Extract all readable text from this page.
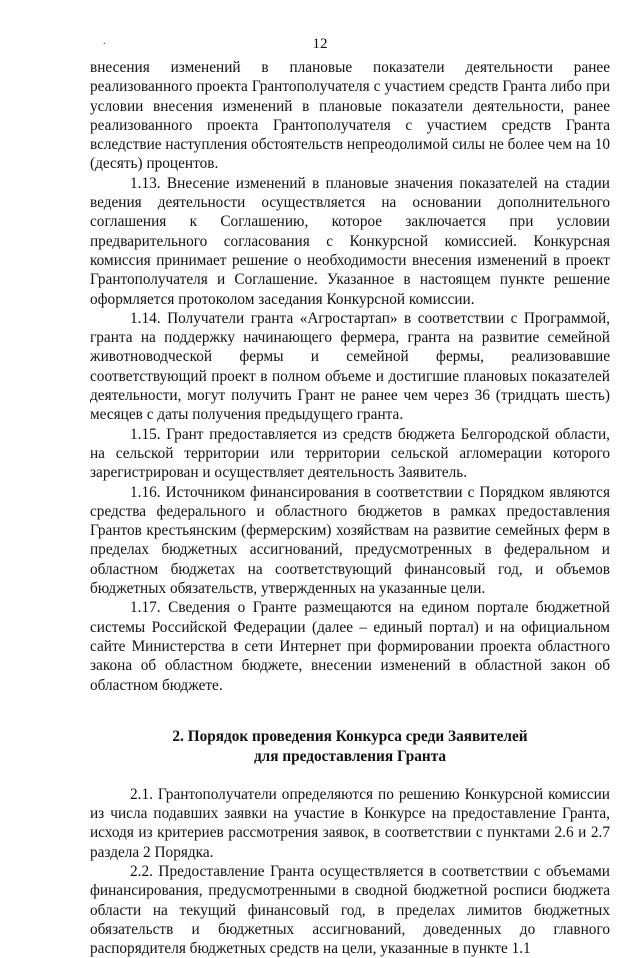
.	12

внесения изменений в плановые показатели деятельности ранее реализованного проекта Грантополучателя с участием средств Гранта либо при условии внесения изменений в плановые показатели деятельности, ранее реализованного проекта Грантополучателя с участием средств Гранта вследствие наступления обстоятельств непреодолимой силы не более чем на 10 (десять) процентов.

1.13. Внесение изменений в плановые значения показателей на стадии ведения деятельности осуществляется на основании дополнительного соглашения к Соглашению, которое заключается при условии предварительного согласования с Конкурсной комиссией. Конкурсная комиссия принимает решение о необходимости внесения изменений в проект Грантополучателя и Соглашение. Указанное в настоящем пункте решение оформляется протоколом заседания Конкурсной комиссии.

1.14. Получатели гранта «Агростартап» в соответствии с Программой, гранта на поддержку начинающего фермера, гранта на развитие семейной животноводческой фермы и семейной фермы, реализовавшие соответствующий проект в полном объеме и достигшие плановых показателей деятельности, могут получить Грант не ранее чем через 36 (тридцать шесть) месяцев с даты получения предыдущего гранта.

1.15. Грант предоставляется из средств бюджета Белгородской области, на сельской территории или территории сельской агломерации которого зарегистрирован и осуществляет деятельность Заявитель.

1.16. Источником финансирования в соответствии с Порядком являются средства федерального и областного бюджетов в рамках предоставления Грантов крестьянским (фермерским) хозяйствам на развитие семейных ферм в пределах бюджетных ассигнований, предусмотренных в федеральном и областном бюджетах на соответствующий финансовый год, и объемов бюджетных обязательств, утвержденных на указанные цели.

1.17. Сведения о Гранте размещаются на едином портале бюджетной системы Российской Федерации (далее – единый портал) и на официальном сайте Министерства в сети Интернет при формировании проекта областного закона об областном бюджете, внесении изменений в областной закон об областном бюджете.

2. Порядок проведения Конкурса среди Заявителей
для предоставления Гранта

2.1. Грантополучатели определяются по решению Конкурсной комиссии из числа подавших заявки на участие в Конкурсе на предоставление Гранта, исходя из критериев рассмотрения заявок, в соответствии с пунктами 2.6 и 2.7 раздела 2 Порядка.

2.2. Предоставление Гранта осуществляется в соответствии с объемами финансирования, предусмотренными в сводной бюджетной росписи бюджета области на текущий финансовый год, в пределах лимитов бюджетных обязательств и бюджетных ассигнований, доведенных до главного распорядителя бюджетных средств на цели, указанные в пункте 1.1
